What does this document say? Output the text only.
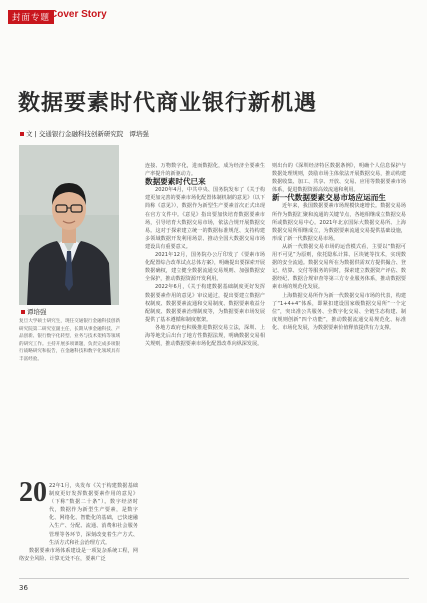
封面专题 Cover Story
数据要素时代商业银行新机遇
文 | 交通银行金融科技创新研究院 谭培强
谭培强
复旦大学硕士研究生，现任交通银行金融科技创新研究院第二研究室副主任，长期从事金融科技、产品创新、银行数字化转型、业务与技术架构等领域的研究工作。主持开展多项课题，负责完成多项银行战略研究和报告，在金融科技和数字化领域具有丰富经验。
20 22年1月，央发布《关于构建数据基础制度更好发挥数据要素作用的意见》（下称“数据二十条”）。数字经济时代，数据作为新型生产要素，是数字化、网络化、智能化的基础，已快速融入生产、分配、流通、消费和社会服务管理等各环节，深刻改变着生产方式、生活方式和社会治理方式。

数据要素市场体系建设是一项复杂系统工程，网络安全风险、计算无处不在，要素广泛

连接、万物数字化，进而数据化，成为经济全要素生产率提升的新驱动力。

数据要素时代已来

2020年4月，中共中央、国务院发布了《关于构建更加完善的要素市场化配置体制机制的意见》（以下简称《意见》），数据作为新型生产要素首次正式出现在官方文件中。《意见》指出要加快培育数据要素市场，引导培育大数据交易市场，依法合规开展数据交易。这对于探索建立统一的数据标准规范、支持构建多领域数据开发利用场景、推动全国大数据交易市场建设具有重要意义。

2021年12月，国务院办公厅印发了《要素市场化配置综合改革试点总体方案》，明确提出要探索开展数据确权，建立健全数据流通交易规则、加强数据安全保护，推动数据资源开发利用。

2022年6月，《关于构建数据基础制度更好发挥数据要素作用的意见》审议通过，提出要建立数据产权制度、数据要素流通和交易制度、数据要素收益分配制度、数据要素治理制度等，为数据要素市场发展提供了基本遵循和制度框架。

各地方政府也积极推进数据交易立法，深圳、上海等地先后出台了地方性数据法规，明确数据交易相关规则，推动数据要素市场化配置改革向纵深发展。

则出台的《深圳经济特区数据条例》，明确个人信息保护与数据处理规则，鼓励市场主体依法开展数据交易，推动构建数据收集、加工、共享、开放、交易、应用等数据要素市场体系，促进数据资源高效流通和利用。

新一代数据要素交易市场应运而生

近年来，我国数据要素市场规模快速增长。数据交易场所作为数据汇聚和流通的关键节点，各地相继成立数据交易所或数据交易中心。2021年北京国际大数据交易所、上海数据交易所相继成立，为数据要素流通交易提供基础设施，形成了新一代数据交易市场。

从新一代数据交易市场的运营模式看，主要以“数据可用不可见”为原则，依托隐私计算、区块链等技术，实现数据的安全流通。数据交易所在为数据供需双方提供撮合、登记、结算、交付等服务的同时，探索建立数据资产评估、数据经纪、数据合规审查等第三方专业服务体系，推动数据要素市场的规范化发展。

上海数据交易所作为新一代数据交易市场的代表，构建了“1+4+4”体系，即紧扣建设国家级数据交易所“一个定位”，突出准公共服务、全数字化交易、全链生态构建、制度规则创新“四个功能”，推动数据流通交易规范化、标准化、市场化发展，为数据要素价值释放提供有力支撑。

36
